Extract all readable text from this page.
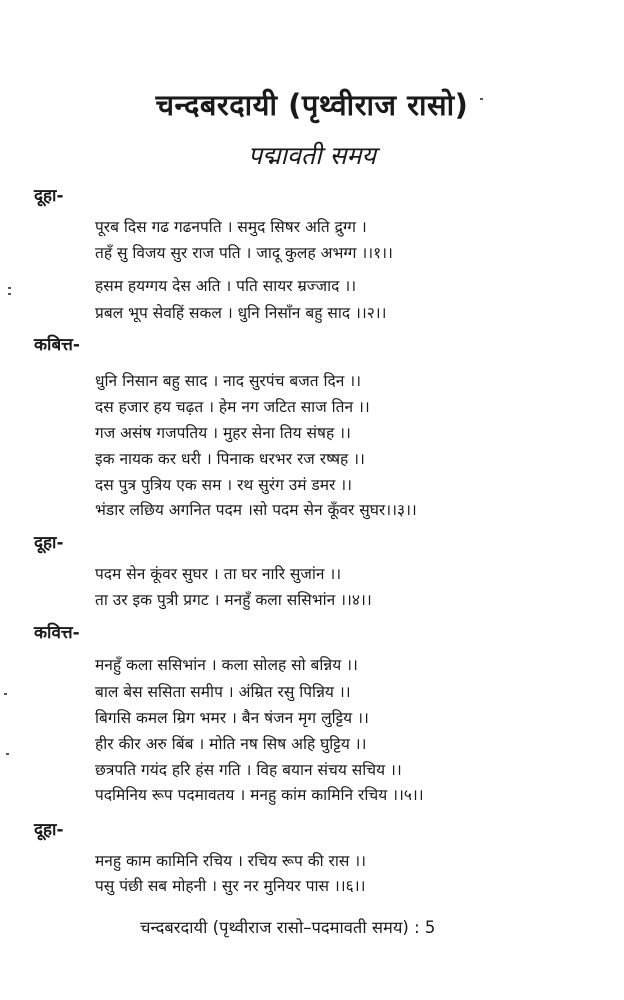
चन्दबरदायी (पृथ्वीराज रासो)
पद्मावती समय
दूहा-
पूरब दिस गढ गढनपति । समुद सिषर अति द्रुग्ग ।
तहँ सु विजय सुर राज पति । जादू कुलह अभग्ग ।।१।।
हसम हयग्गय देस अति । पति सायर म्रज्जाद ।।
प्रबल भूप सेवहिं सकल । धुनि निसाँन बहु साद ।।२।।
कबित्त-
धुनि निसान बहु साद । नाद सुरपंच बजत दिन ।।
दस हजार हय चढ़त । हेम नग जटित साज तिन ।।
गज असंष गजपतिय । मुहर सेना तिय संषह ।।
इक नायक कर धरी । पिनाक धरभर रज रष्षह ।।
दस पुत्र पुत्रिय एक सम । रथ सुरंग उमं डमर ।।
भंडार लछिय अगनित पदम ।सो पदम सेन कूँवर सुघर।।३।।
दूहा-
पदम सेन कूंवर सुघर । ता घर नारि सुजांन ।।
ता उर इक पुत्री प्रगट । मनहुँ कला ससिभांन ।।४।।
कवित्त-
मनहुँ कला ससिभांन । कला सोलह सो बन्निय ।।
बाल बेस ससिता समीप । अंम्रित रसु पिन्निय ।।
बिगसि कमल म्रिग भमर । बैन षंजन मृग लुट्टिय ।।
हीर कीर अरु बिंब । मोति नष सिष अहि घुट्टिय ।।
छत्रपति गयंद हरि हंस गति । विह बयान संचय सचिय ।।
पदमिनिय रूप पदमावतय । मनहु कांम कामिनि रचिय ।।५।।
दूहा-
मनहु काम कामिनि रचिय । रचिय रूप की रास ।।
पसु पंछी सब मोहनी । सुर नर मुनियर पास ।।६।।
चन्दबरदायी (पृथ्वीराज रासो–पदमावती समय) : 5
